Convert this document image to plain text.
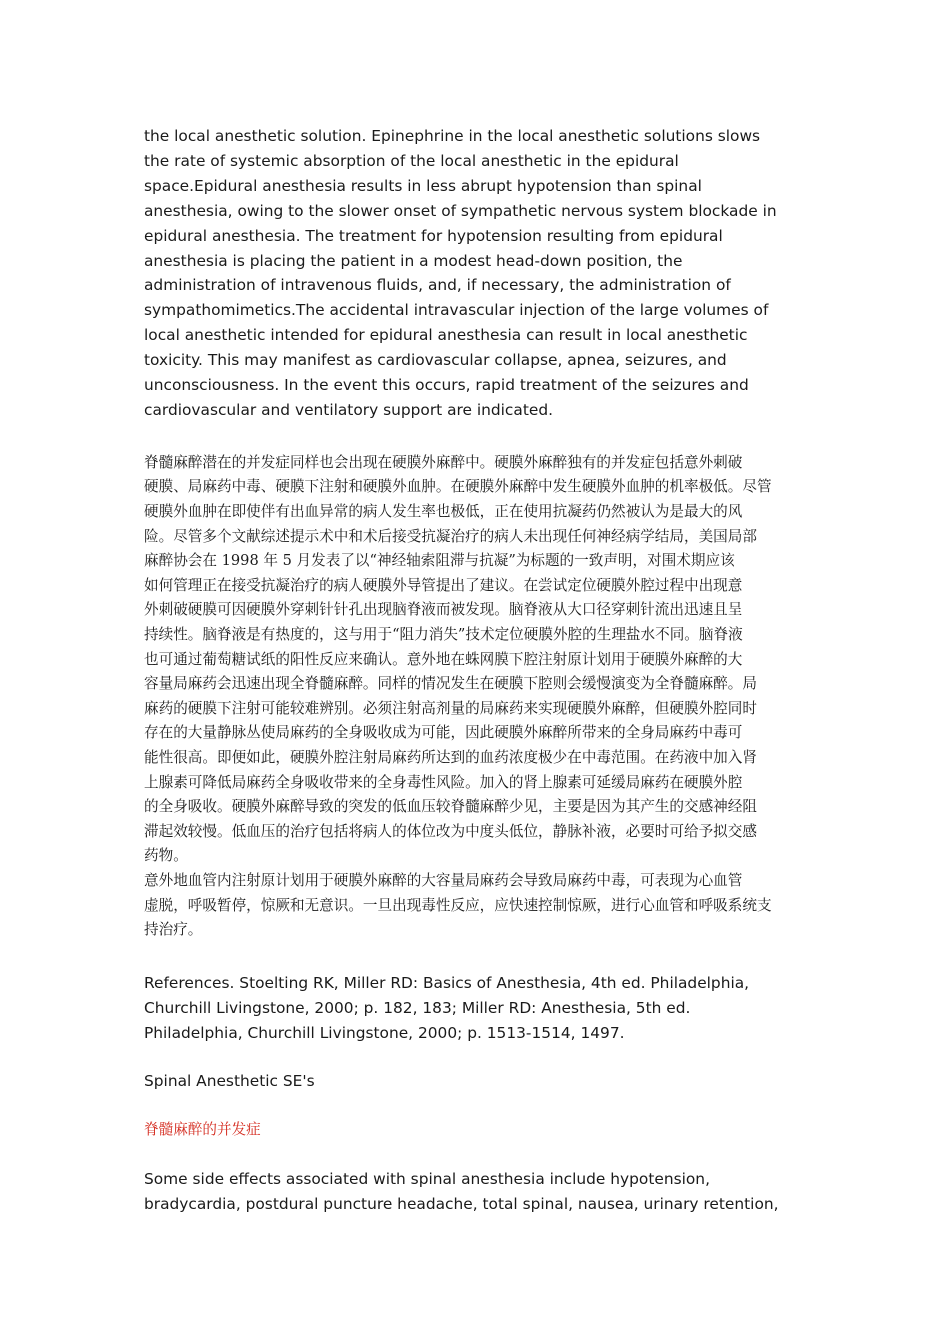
the local anesthetic solution. Epinephrine in the local anesthetic solutions slows
the rate of systemic absorption of the local anesthetic in the epidural
space.Epidural anesthesia results in less abrupt hypotension than spinal
anesthesia, owing to the slower onset of sympathetic nervous system blockade in
epidural anesthesia. The treatment for hypotension resulting from epidural
anesthesia is placing the patient in a modest head-down position, the
administration of intravenous fluids, and, if necessary, the administration of
sympathomimetics.The accidental intravascular injection of the large volumes of
local anesthetic intended for epidural anesthesia can result in local anesthetic
toxicity. This may manifest as cardiovascular collapse, apnea, seizures, and
unconsciousness. In the event this occurs, rapid treatment of the seizures and
cardiovascular and ventilatory support are indicated.

脊髓麻醉潜在的并发症同样也会出现在硬膜外麻醉中。硬膜外麻醉独有的并发症包括意外刺破
硬膜、局麻药中毒、硬膜下注射和硬膜外血肿。在硬膜外麻醉中发生硬膜外血肿的机率极低。尽管
硬膜外血肿在即使伴有出血异常的病人发生率也极低，正在使用抗凝药仍然被认为是最大的风
险。尽管多个文献综述提示术中和术后接受抗凝治疗的病人未出现任何神经病学结局，美国局部
麻醉协会在 1998 年 5 月发表了以“神经轴索阻滞与抗凝”为标题的一致声明，对围术期应该
如何管理正在接受抗凝治疗的病人硬膜外导管提出了建议。在尝试定位硬膜外腔过程中出现意
外刺破硬膜可因硬膜外穿刺针针孔出现脑脊液而被发现。脑脊液从大口径穿刺针流出迅速且呈
持续性。脑脊液是有热度的，这与用于“阻力消失”技术定位硬膜外腔的生理盐水不同。脑脊液
也可通过葡萄糖试纸的阳性反应来确认。意外地在蛛网膜下腔注射原计划用于硬膜外麻醉的大
容量局麻药会迅速出现全脊髓麻醉。同样的情况发生在硬膜下腔则会缓慢演变为全脊髓麻醉。局
麻药的硬膜下注射可能较难辨别。必须注射高剂量的局麻药来实现硬膜外麻醉，但硬膜外腔同时
存在的大量静脉丛使局麻药的全身吸收成为可能，因此硬膜外麻醉所带来的全身局麻药中毒可
能性很高。即便如此，硬膜外腔注射局麻药所达到的血药浓度极少在中毒范围。在药液中加入肾
上腺素可降低局麻药全身吸收带来的全身毒性风险。加入的肾上腺素可延缓局麻药在硬膜外腔
的全身吸收。硬膜外麻醉导致的突发的低血压较脊髓麻醉少见，主要是因为其产生的交感神经阻
滞起效较慢。低血压的治疗包括将病人的体位改为中度头低位，静脉补液，必要时可给予拟交感
药物。

意外地血管内注射原计划用于硬膜外麻醉的大容量局麻药会导致局麻药中毒，可表现为心血管
虚脱，呼吸暂停，惊厥和无意识。一旦出现毒性反应，应快速控制惊厥，进行心血管和呼吸系统支
持治疗。

References. Stoelting RK, Miller RD: Basics of Anesthesia, 4th ed. Philadelphia,
Churchill Livingstone, 2000; p. 182, 183; Miller RD: Anesthesia, 5th ed.
Philadelphia, Churchill Livingstone, 2000; p. 1513-1514, 1497.

Spinal Anesthetic SE's

脊髓麻醉的并发症

Some side effects associated with spinal anesthesia include hypotension,
bradycardia, postdural puncture headache, total spinal, nausea, urinary retention,
